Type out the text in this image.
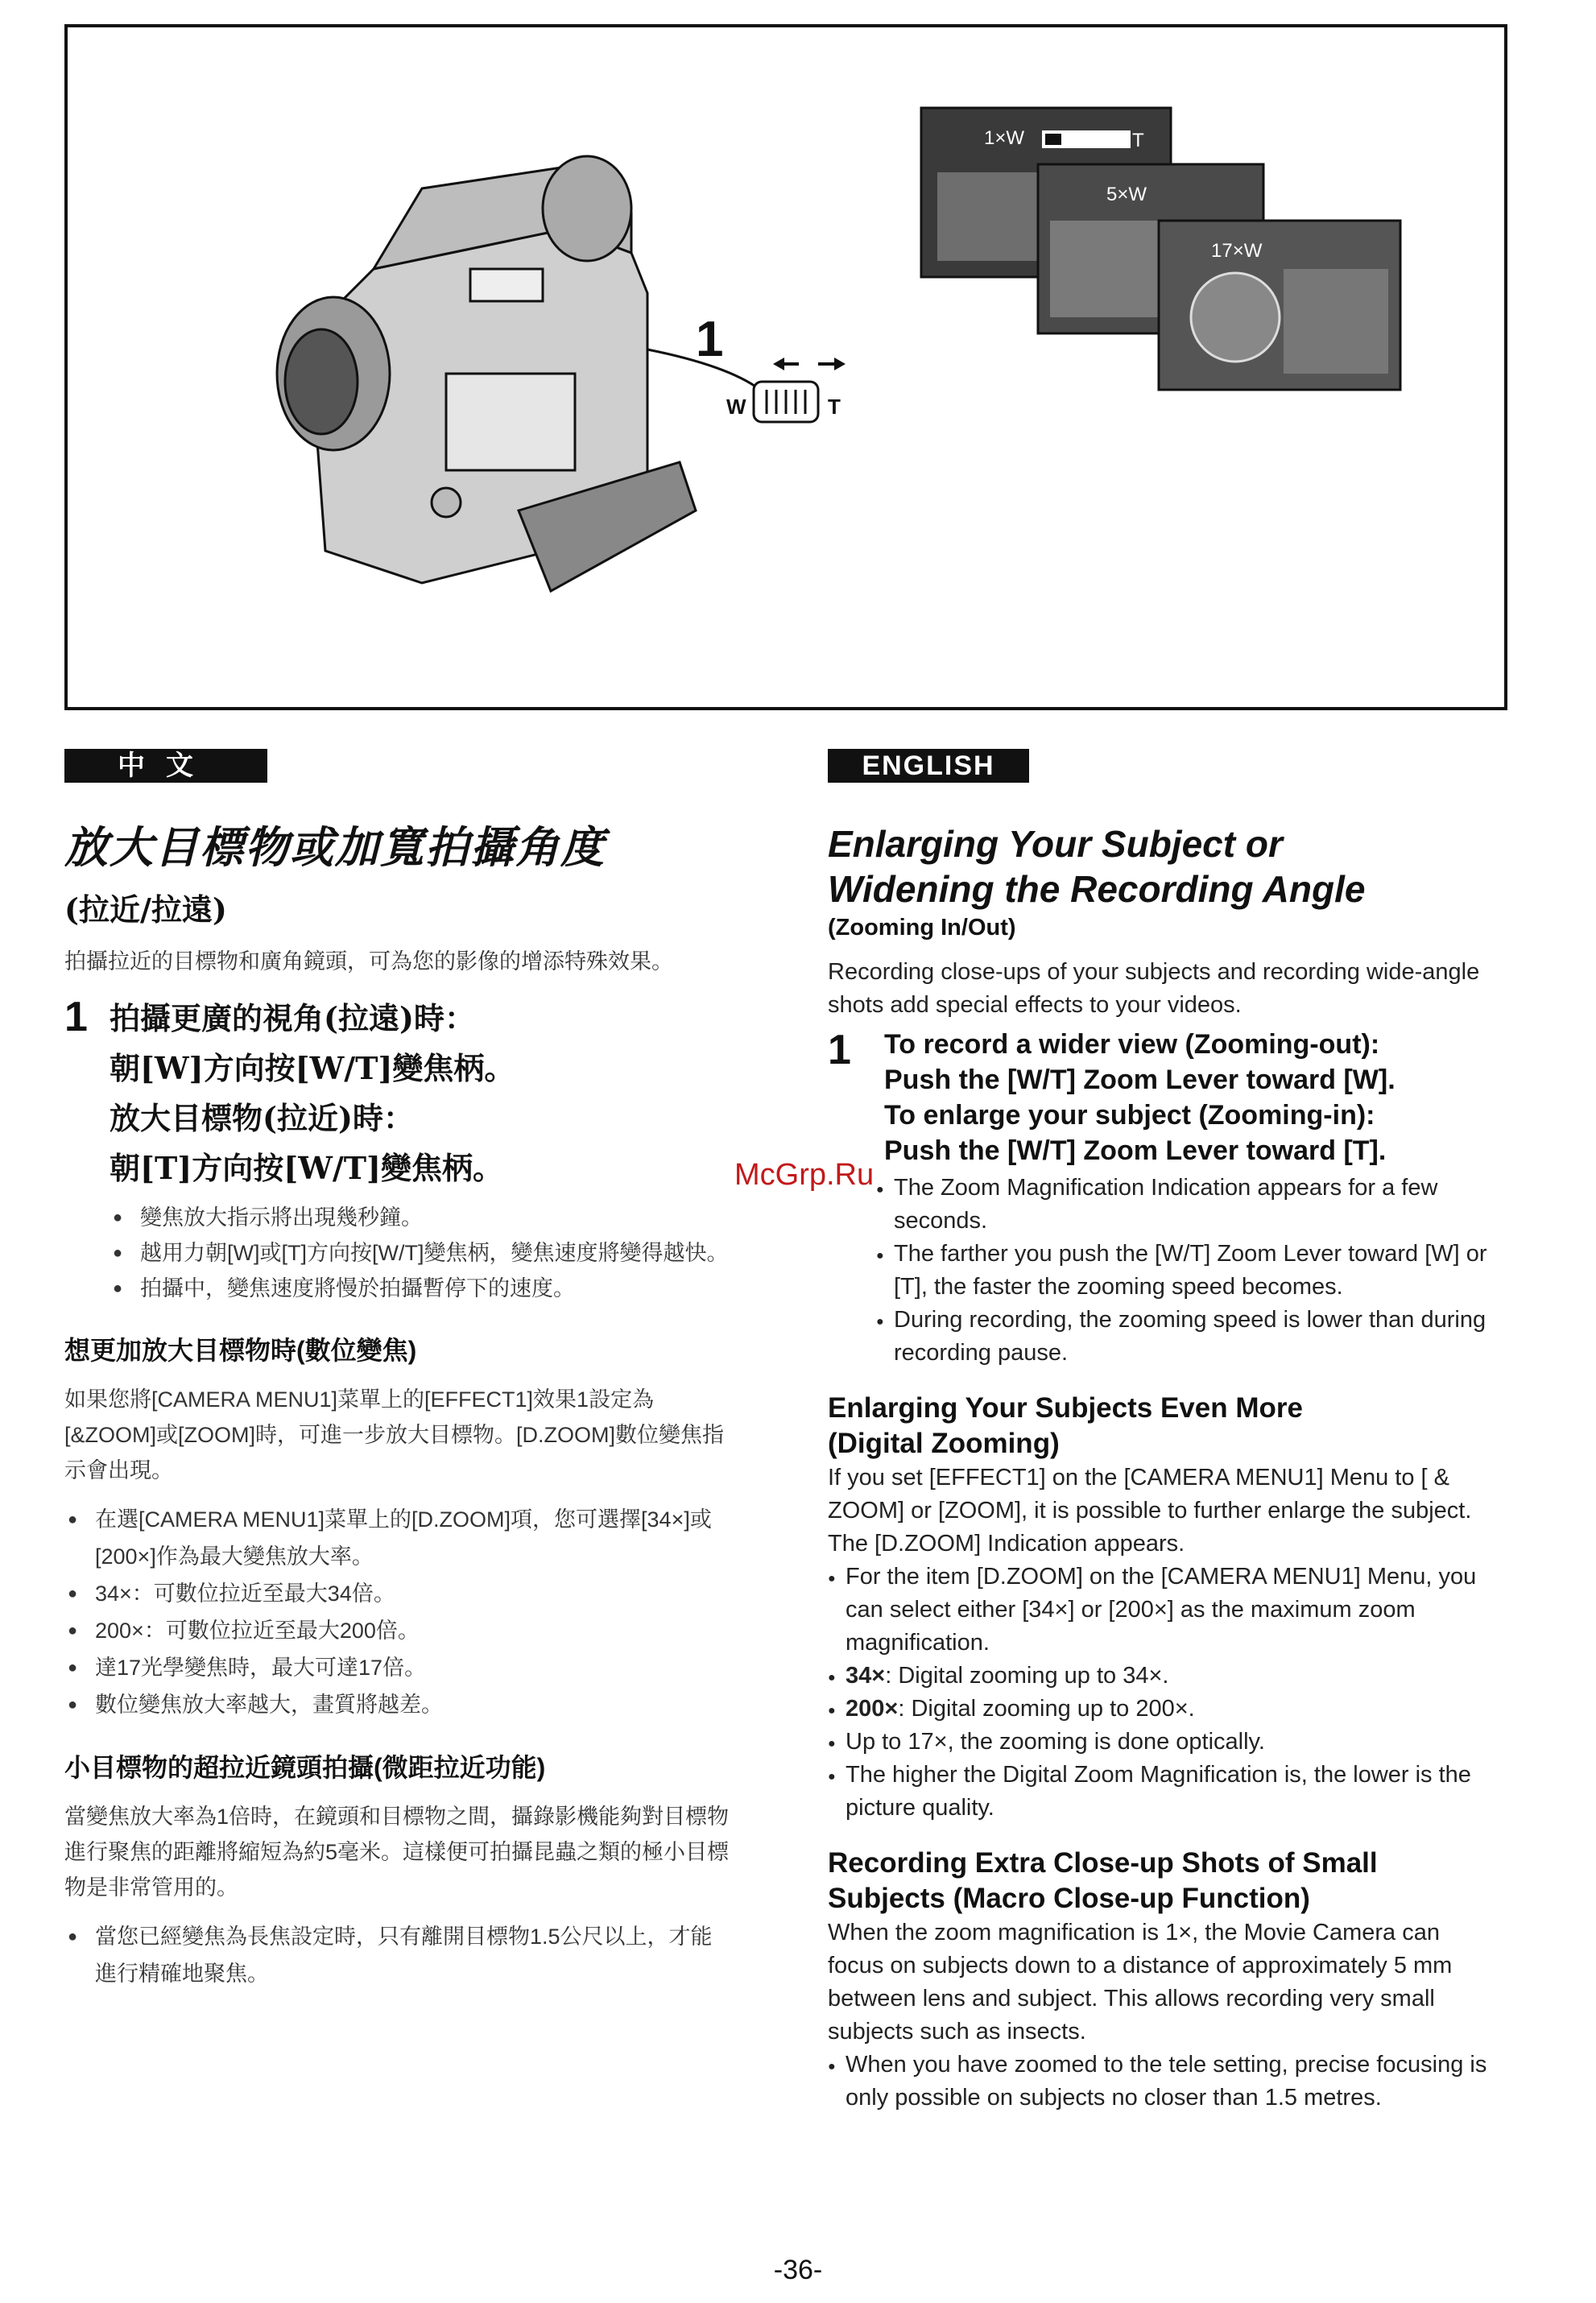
1
W	T
1×W	T
5×W
17×W
中文
放大目標物或加寬拍攝角度
(拉近/拉遠)
拍攝拉近的目標物和廣角鏡頭，可為您的影像的增添特殊效果。
1 拍攝更廣的視角(拉遠)時：
朝[W]方向按[W/T]變焦柄。
放大目標物(拉近)時：
朝[T]方向按[W/T]變焦柄。
● 變焦放大指示將出現幾秒鐘。
● 越用力朝[W]或[T]方向按[W/T]變焦柄，變焦速度將變得越快。
● 拍攝中，變焦速度將慢於拍攝暫停下的速度。
想更加放大目標物時(數位變焦)
如果您將[CAMERA MENU1]菜單上的[EFFECT1]效果1設定為[&ZOOM]或[ZOOM]時，可進一步放大目標物。[D.ZOOM]數位變焦指示會出現。
● 在選[CAMERA MENU1]菜單上的[D.ZOOM]項，您可選擇[34×]或[200×]作為最大變焦放大率。
● 34×：可數位拉近至最大34倍。
● 200×：可數位拉近至最大200倍。
● 達17光學變焦時，最大可達17倍。
● 數位變焦放大率越大，畫質將越差。
小目標物的超拉近鏡頭拍攝(微距拉近功能)
當變焦放大率為1倍時，在鏡頭和目標物之間，攝錄影機能夠對目標物進行聚焦的距離將縮短為約5毫米。這樣便可拍攝昆蟲之類的極小目標物是非常管用的。
● 當您已經變焦為長焦設定時，只有離開目標物1.5公尺以上，才能進行精確地聚焦。
McGrp.Ru
ENGLISH
Enlarging Your Subject or
Widening the Recording Angle
(Zooming In/Out)
Recording close-ups of your subjects and recording wide-angle shots add special effects to your videos.
1	To record a wider view (Zooming-out):
Push the [W/T] Zoom Lever toward [W].
To enlarge your subject (Zooming-in):
Push the [W/T] Zoom Lever toward [T].
● The Zoom Magnification Indication appears for a few seconds.
● The farther you push the [W/T] Zoom Lever toward [W] or [T], the faster the zooming speed becomes.
● During recording, the zooming speed is lower than during recording pause.
Enlarging Your Subjects Even More
(Digital Zooming)
If you set [EFFECT1] on the [CAMERA MENU1] Menu to [ & ZOOM] or [ZOOM], it is possible to further enlarge the subject.
The [D.ZOOM] Indication appears.
● For the item [D.ZOOM] on the [CAMERA MENU1] Menu, you can select either [34×] or [200×] as the maximum zoom magnification.
● 34×: Digital zooming up to 34×.
● 200×: Digital zooming up to 200×.
● Up to 17×, the zooming is done optically.
● The higher the Digital Zoom Magnification is, the lower is the picture quality.
Recording Extra Close-up Shots of Small
Subjects (Macro Close-up Function)
When the zoom magnification is 1×, the Movie Camera can focus on subjects down to a distance of approximately 5 mm between lens and subject. This allows recording very small subjects such as insects.
● When you have zoomed to the tele setting, precise focusing is only possible on subjects no closer than 1.5 metres.
-36-
